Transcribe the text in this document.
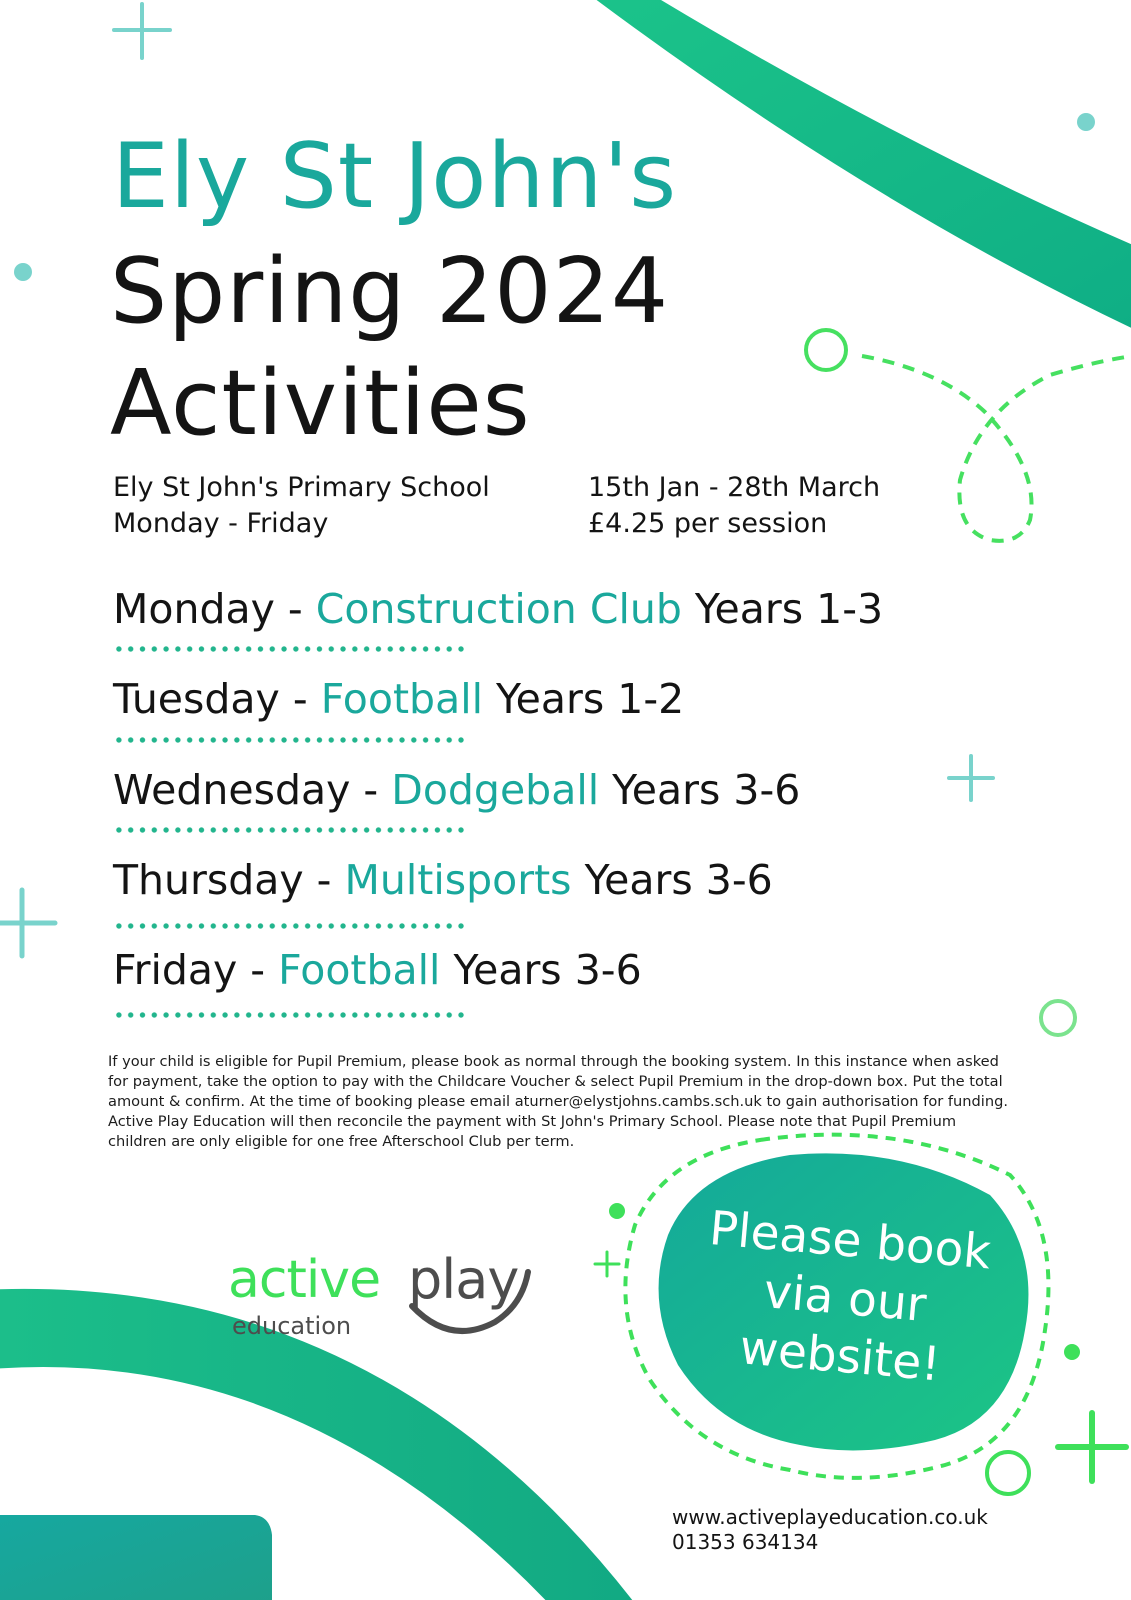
Ely St John's
Spring 2024
Activities
Ely St John's Primary School
Monday - Friday
15th Jan - 28th March
£4.25 per session
Monday - Construction Club Years 1-3
Tuesday - Football Years 1-2
Wednesday - Dodgeball Years 3-6
Thursday - Multisports Years 3-6
Friday - Football Years 3-6
If your child is eligible for Pupil Premium, please book as normal through the booking system. In this instance when asked for payment, take the option to pay with the Childcare Voucher & select Pupil Premium in the drop-down box. Put the total amount & confirm. At the time of booking please email aturner@elystjohns.cambs.sch.uk to gain authorisation for funding. Active Play Education will then reconcile the payment with St John's Primary School. Please note that Pupil Premium children are only eligible for one free Afterschool Club per term.
active play
education
Please book
via our
website!
www.activeplayeducation.co.uk
01353 634134
